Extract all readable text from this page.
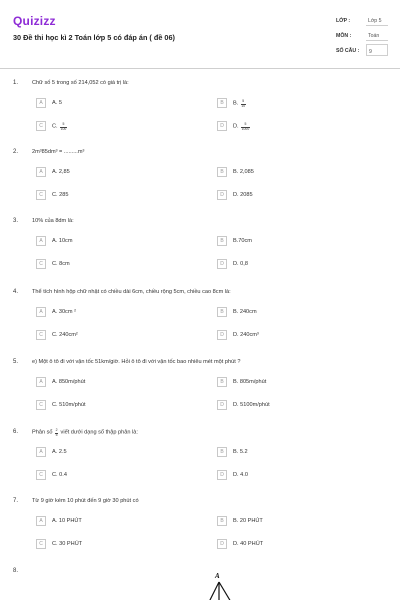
Quizizz
30 Đề thi học kì 2 Toán lớp 5 có đáp án ( đề 06)
LỚP :	Lớp 5
MÔN :	Toán
SỐ CÂU :	9
1. Chữ số 5 trong số 214,052 có giá trị là:
A	A. 5	B	B. $\frac{5}{10}$
C	C. $\frac{5}{100}$	D	D. $\frac{5}{1000}$
2. 2m³85dm³ = .........m³
A	A. 2,85	B	B. 2,085
C	C. 285	D	D. 2085
3. 10% của 8dm là:
A	A. 10cm	B	B.70cm
C	C. 8cm	D	D. 0,8
4. Thể tích hình hộp chữ nhật có chiều dài 6cm, chiều rộng 5cm, chiều cao 8cm là:
A	A. 30cm ²	B	B. 240cm
C	C. 240cm²	D	D. 240cm³
5. e) Một ô tô đi với vận tốc 51km/giờ. Hỏi ô tô đi với vận tốc bao nhiêu mét một phút ?
A	A. 850m/phút	B	B. 805m/phút
C	C. 510m/phút	D	D. 5100m/phút
6. Phân số $\frac{2}{5}$ viết dưới dạng số thập phân là:
A	A. 2.5	B	B. 5.2
C	C. 0.4	D	D. 4.0
7. Từ 9 giờ kém 10 phút đến 9 giờ 30 phút có
A	A. 10 PHÚT	B	B. 20 PHÚT
C	C. 30 PHÚT	D	D. 40 PHÚT
8.
A
